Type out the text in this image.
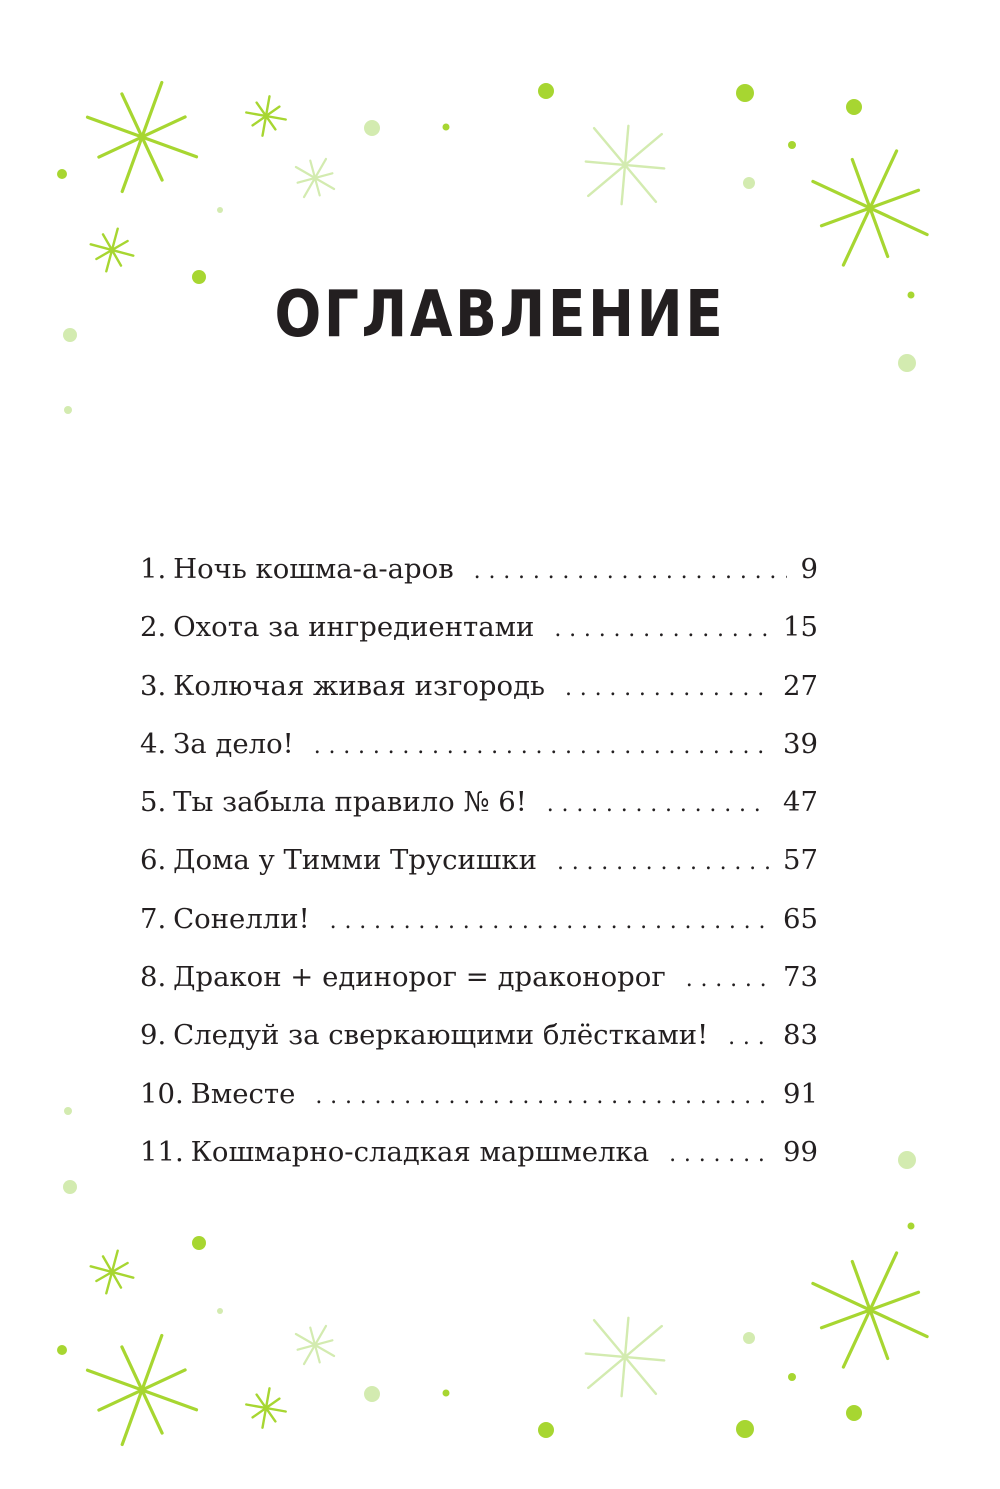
ОГЛАВЛЕНИЕ
1. Ночь кошма-а-аров . . .	9
2. Охота за ингредиентами . . .	15
3. Колючая живая изгородь . . .	27
4. За дело! . . .	39
5. Ты забыла правило № 6! . . .	47
6. Дома у Тимми Трусишки . . .	57
7. Сонелли! . . .	65
8. Дракон + единорог = драконорог . . .	73
9. Следуй за сверкающими блёстками! . . .	83
10. Вместе . . .	91
11. Кошмарно-сладкая маршмелка . . .	99
